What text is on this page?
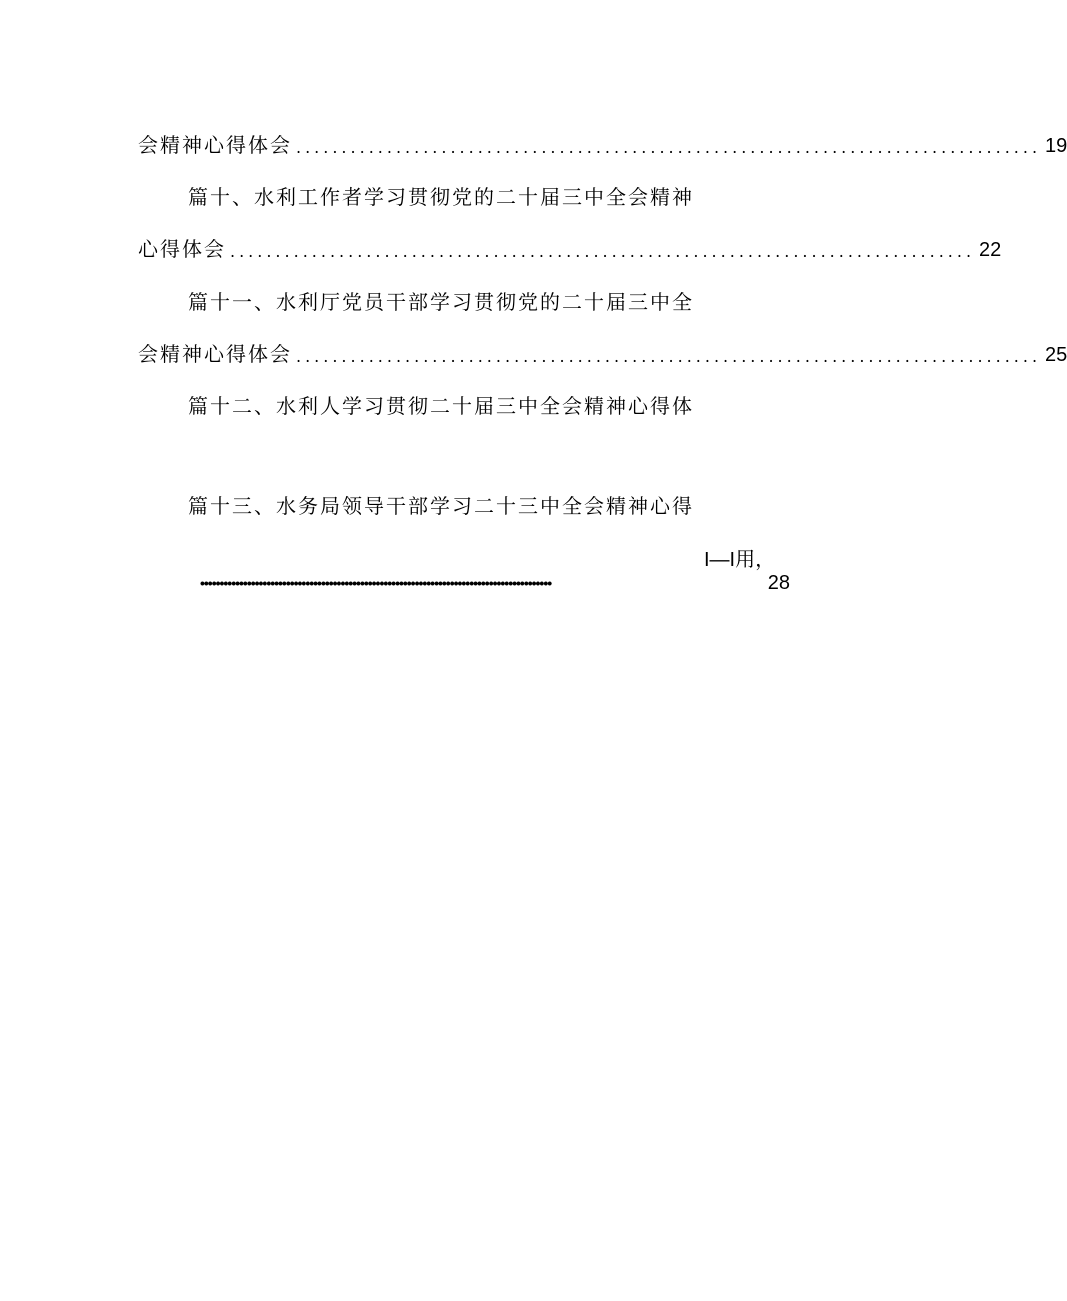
会精神心得体会 .................................................................................. 19
篇十、水利工作者学习贯彻党的二十届三中全会精神
心得体会 .................................................................................. 22
篇十一、水利厅党员干部学习贯彻党的二十届三中全
会精神心得体会 .................................................................................. 25
篇十二、水利人学习贯彻二十届三中全会精神心得体
篇十三、水务局领导干部学习二十三中全会精神心得
I—I用，
••••••••••••••••••••••••••••••••••••••••••••••••••••••••••••••••••••••••••••••••••••••••••	28
